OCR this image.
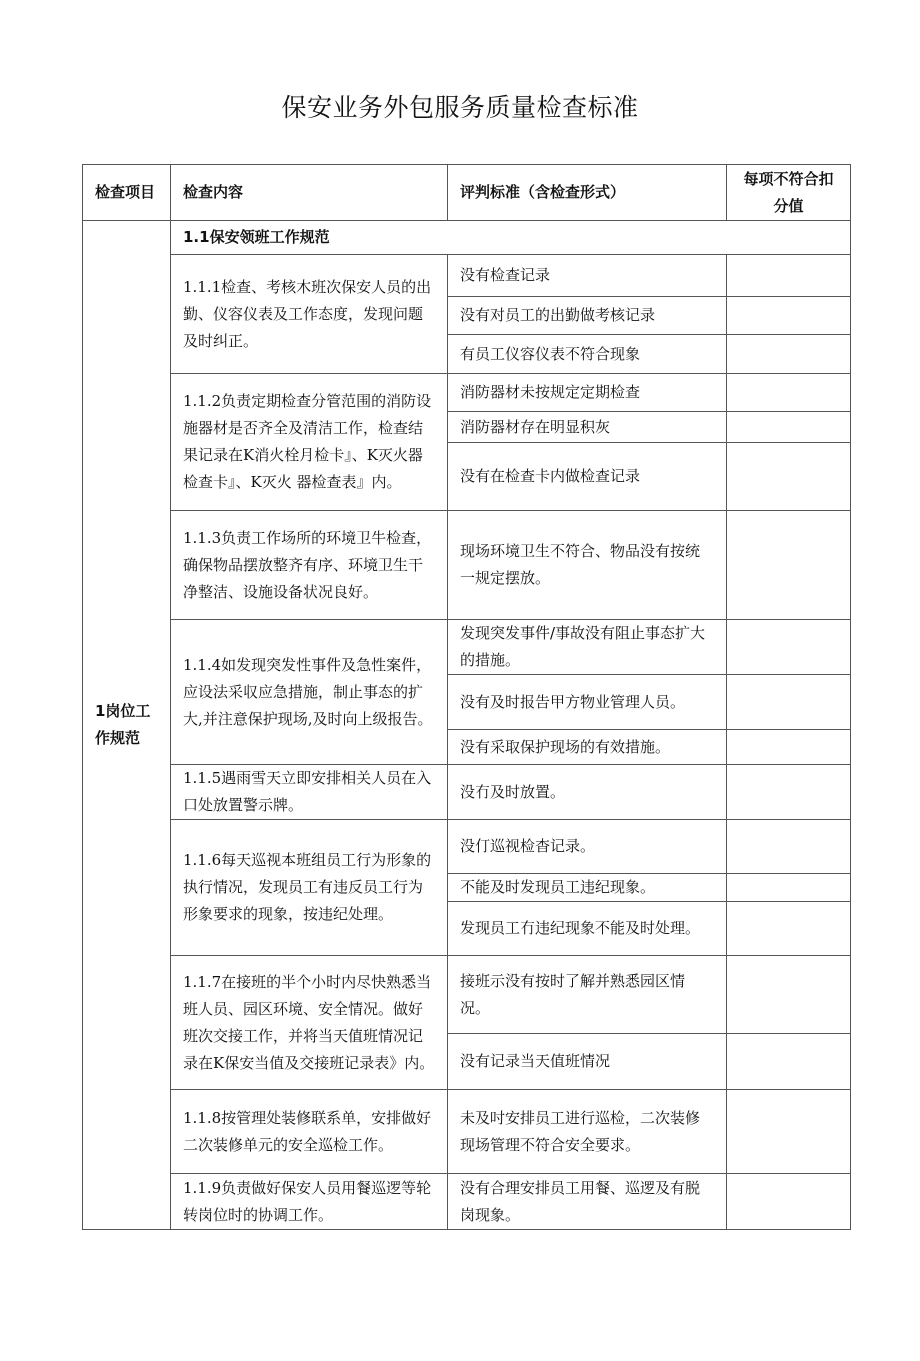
保安业务外包服务质量检查标准
检查项目	检查内容	评判标准（含检查形式）	每项不符合扣分值
1岗位工作规范	1.1保安领班工作规范		
	1.1.1检查、考核木班次保安人员的出勤、仪容仪表及工作态度，发现问题及时纠正。	没有检查记录	
		没有对员工的出勤做考核记录	
		有员工仪容仪表不符合现象	
	1.1.2负责定期检查分管范围的消防设施器材是否齐全及清洁工作，检查结果记录在K消火栓月检卡』、K灭火器检查卡』、K灭火 器检查表』内。	消防器材未按规定定期检查	
		消防器材存在明显积灰	
		没有在检查卡内做检查记录	
	1.1.3负责工作场所的环境卫牛检查，确保物品摆放整齐有序、环境卫生干净整洁、设施设备状况良好。	现场环境卫生不符合、物品没有按统一规定摆放。	
	1.1.4如发现突发性事件及急性案件，应设法采収应急措施，制止事态的扩大,并注意保护现场,及时向上级报告。	发现突发事件/事故没有阻止事态扩大的措施。	
		没有及时报告甲方物业管理人员。	
		没有采取保护现场的有效措施。	
	1.1.5遇雨雪天立即安排相关人员在入口处放置警示牌。	没冇及时放置。	
	1.1.6每天巡视本班组员工行为形象的执行情况，发现员工有违反员工行为形象要求的现象，按违纪处理。	没仃巡视检杳记录。	
		不能及时发现员工违纪现象。	
		发现员工冇违纪现象不能及时处理。	
	1.1.7在接班的半个小时内尽快熟悉当班人员、园区环境、安全情况。做好班次交接工作，并将当天值班情况记录在K保安当值及交接班记录表》内。	接班示没有按时了解并熟悉园区情况。	
		没有记录当天值班情况	
	1.1.8按管理处装修联系单，安排做好二次装修单元的安全巡检工作。	未及吋安排员工进行巡检，二次装修现场管理不符合安全要求。	
	1.1.9负责做好保安人员用餐巡逻等轮转岗位时的协调工作。	没有合理安排员工用餐、巡逻及有脱岗现象。	
